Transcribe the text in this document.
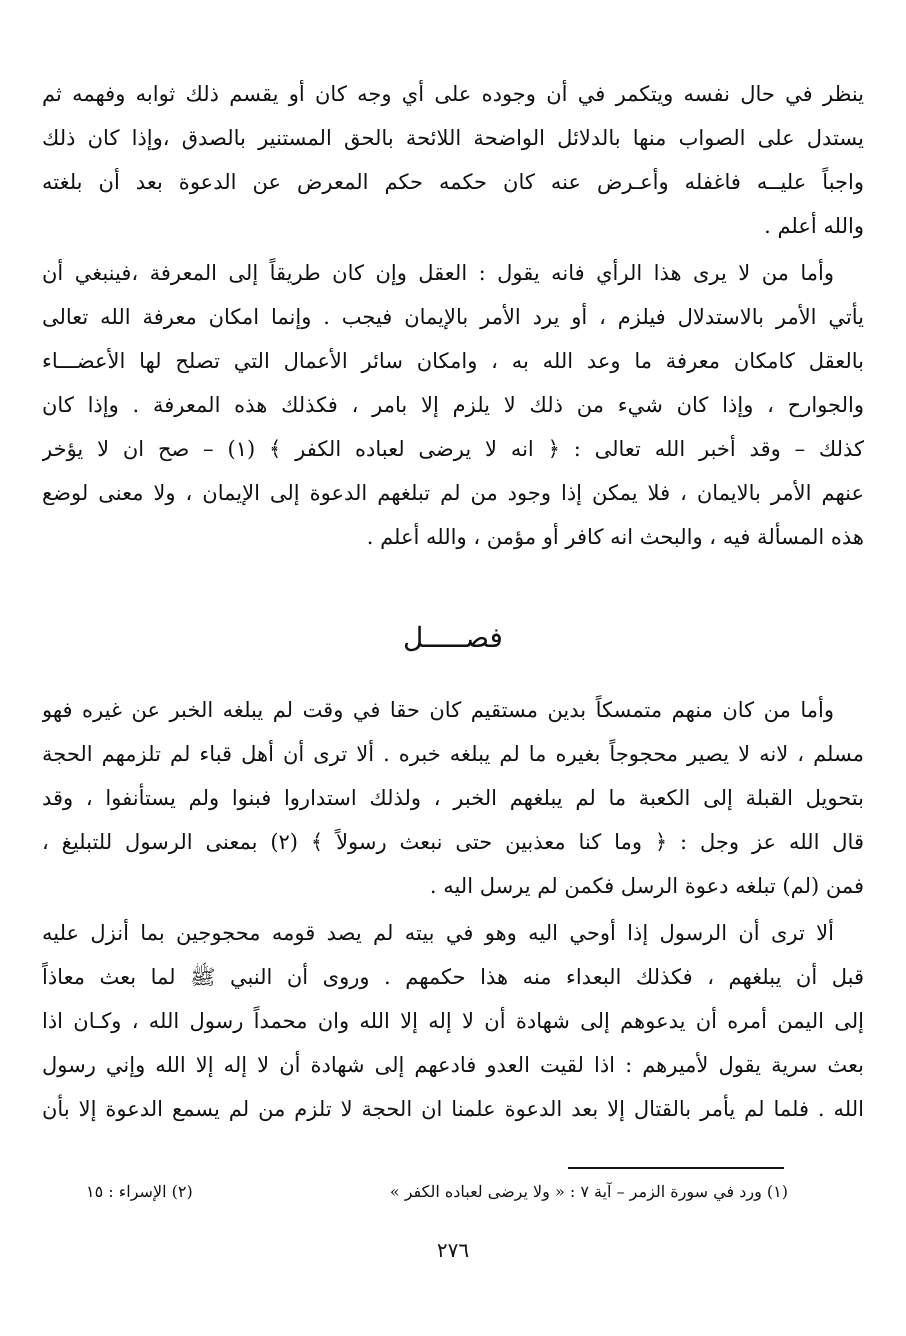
ينظر في حال نفسه ويتكمر في أن وجوده على أي وجه كان أو يقسم ذلك ثوابه وفهمه ثم
يستدل على الصواب منها بالدلائل الواضحة اللائحة بالحق المستنير بالصدق ،وإذا كان ذلك
واجباً عليــه فاغفله وأعـرض عنه كان حكمه حكم المعرض عن الدعوة بعد أن بلغته
والله أعلم .
وأما من لا يرى هذا الرأي فانه يقول : العقل وإن كان طريقاً إلى المعرفة ،فينبغي أن
يأتي الأمر بالاستدلال فيلزم ، أو يرد الأمر بالإيمان فيجب . وإنما امكان معرفة الله تعالى
بالعقل كامكان معرفة ما وعد الله به ، وامكان سائر الأعمال التي تصلح لها الأعضـــاء
والجوارح ، وإذا كان شيء من ذلك لا يلزم إلا بامر ، فكذلك هذه المعرفة . وإذا كان
كذلك – وقد أخبر الله تعالى : ﴿ انه لا يرضى لعباده الكفر ﴾ (١) – صح ان لا يؤخر
عنهم الأمر بالايمان ، فلا يمكن إذا وجود من لم تبلغهم الدعوة إلى الإيمان ، ولا معنى لوضع
هذه المسألة فيه ، والبحث انه كافر أو مؤمن ، والله أعلم .
فصـــــل
وأما من كان منهم متمسكاً بدين مستقيم كان حقا في وقت لم يبلغه الخبر عن غيره فهو
مسلم ، لانه لا يصير محجوجاً بغيره ما لم يبلغه خبره . ألا ترى أن أهل قباء لم تلزمهم الحجة
بتحويل القبلة إلى الكعبة ما لم يبلغهم الخبر ، ولذلك استداروا فبنوا ولم يستأنفوا ، وقد
قال الله عز وجل : ﴿ وما كنا معذبين حتى نبعث رسولاً ﴾ (٢) بمعنى الرسول للتبليغ ،
فمن (لم) تبلغه دعوة الرسل فكمن لم يرسل اليه .
ألا ترى أن الرسول إذا أوحي اليه وهو في بيته لم يصد قومه محجوجين بما أنزل عليه
قبل أن يبلغهم ، فكذلك البعداء منه هذا حكمهم . وروى أن النبي ﷺ لما بعث معاذاً
إلى اليمن أمره أن يدعوهم إلى شهادة أن لا إله إلا الله وان محمداً رسول الله ، وكـان اذا
بعث سرية يقول لأميرهم : اذا لقيت العدو فادعهم إلى شهادة أن لا إله إلا الله وإني رسول
الله . فلما لم يأمر بالقتال إلا بعد الدعوة علمنا ان الحجة لا تلزم من لم يسمع الدعوة إلا بأن
(١) ورد في سورة الزمر – آية ٧ : « ولا يرضى لعباده الكفر »
(٢) الإسراء : ١٥
٢٧٦
